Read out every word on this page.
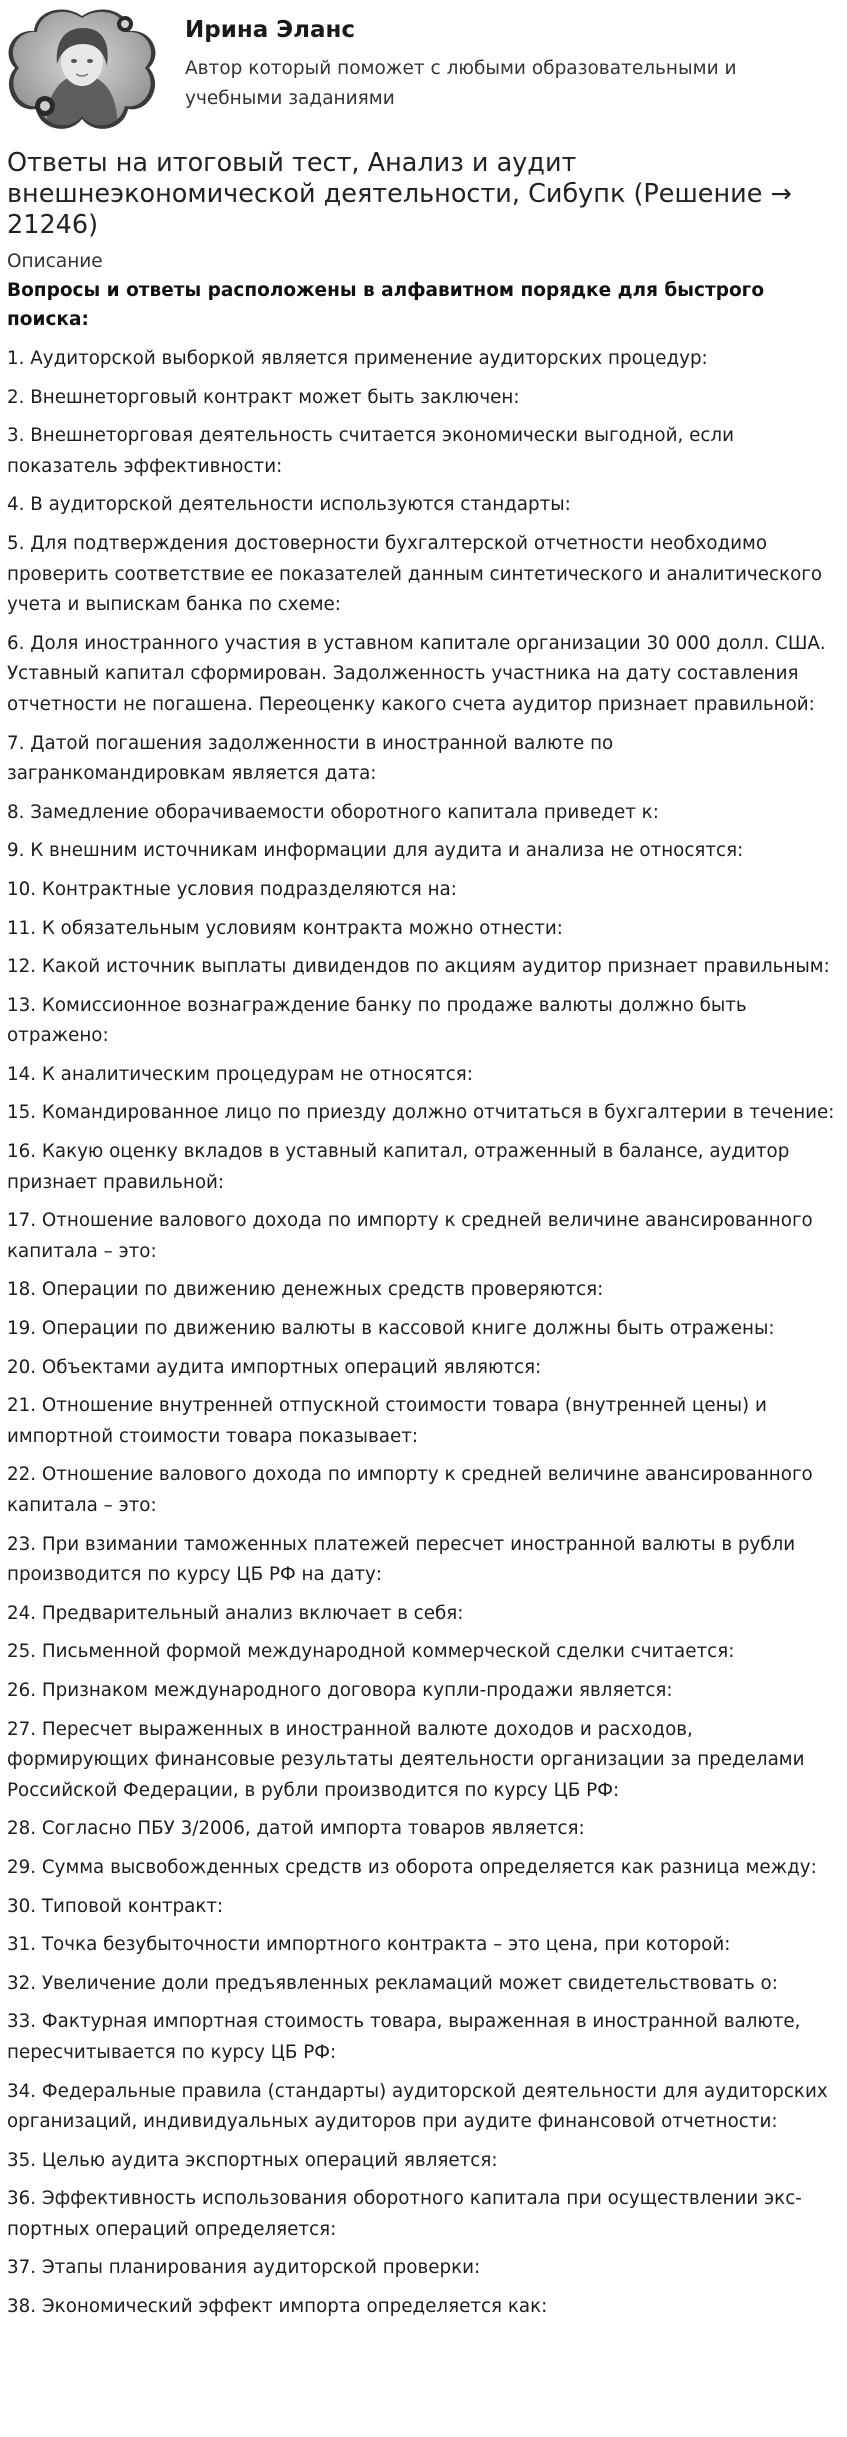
Ирина Эланс
Автор который поможет с любыми образовательными и учебными заданиями
Ответы на итоговый тест, Анализ и аудит внешнеэкономической деятельности, Сибупк (Решение → 21246)
Описание
Вопросы и ответы расположены в алфавитном порядке для быстрого поиска:
1. Аудиторской выборкой является применение аудиторских процедур:
2. Внешнеторговый контракт может быть заключен:
3. Внешнеторговая деятельность считается экономически выгодной, если показатель эффективности:
4. В аудиторской деятельности используются стандарты:
5. Для подтверждения достоверности бухгалтерской отчетности необходимо проверить соответствие ее показателей данным синтетического и аналитического учета и выпискам банка по схеме:
6. Доля иностранного участия в уставном капитале организации 30 000 долл. США. Уставный капитал сформирован. Задолженность участника на дату составления отчетности не погашена. Переоценку какого счета аудитор признает правильной:
7. Датой погашения задолженности в иностранной валюте по загранкомандировкам является дата:
8. Замедление оборачиваемости оборотного капитала приведет к:
9. К внешним источникам информации для аудита и анализа не относятся:
10. Контрактные условия подразделяются на:
11. К обязательным условиям контракта можно отнести:
12. Какой источник выплаты дивидендов по акциям аудитор признает правильным:
13. Комиссионное вознаграждение банку по продаже валюты должно быть отражено:
14. К аналитическим процедурам не относятся:
15. Командированное лицо по приезду должно отчитаться в бухгалтерии в течение:
16. Какую оценку вкладов в уставный капитал, отраженный в балансе, аудитор признает правильной:
17. Отношение валового дохода по импорту к средней величине авансированного капитала – это:
18. Операции по движению денежных средств проверяются:
19. Операции по движению валюты в кассовой книге должны быть отражены:
20. Объектами аудита импортных операций являются:
21. Отношение внутренней отпускной стоимости товара (внутренней цены) и импортной стоимости товара показывает:
22. Отношение валового дохода по импорту к средней величине авансированного капитала – это:
23. При взимании таможенных платежей пересчет иностранной валюты в рубли производится по курсу ЦБ РФ на дату:
24. Предварительный анализ включает в себя:
25. Письменной формой международной коммерческой сделки считается:
26. Признаком международного договора купли-продажи является:
27. Пересчет выраженных в иностранной валюте доходов и расходов, формирующих финансовые результаты деятельности организации за пределами Российской Федерации, в рубли производится по курсу ЦБ РФ:
28. Согласно ПБУ 3/2006, датой импорта товаров является:
29. Сумма высвобожденных средств из оборота определяется как разница между:
30. Типовой контракт:
31. Точка безубыточности импортного контракта – это цена, при которой:
32. Увеличение доли предъявленных рекламаций может свидетельствовать о:
33. Фактурная импортная стоимость товара, выраженная в иностранной валюте, пересчитывается по курсу ЦБ РФ:
34. Федеральные правила (стандарты) аудиторской деятельности для аудиторских организаций, индивидуальных аудиторов при аудите финансовой отчетности:
35. Целью аудита экспортных операций является:
36. Эффективность использования оборотного капитала при осуществлении экспортных операций определяется:
37. Этапы планирования аудиторской проверки:
38. Экономический эффект импорта определяется как:
